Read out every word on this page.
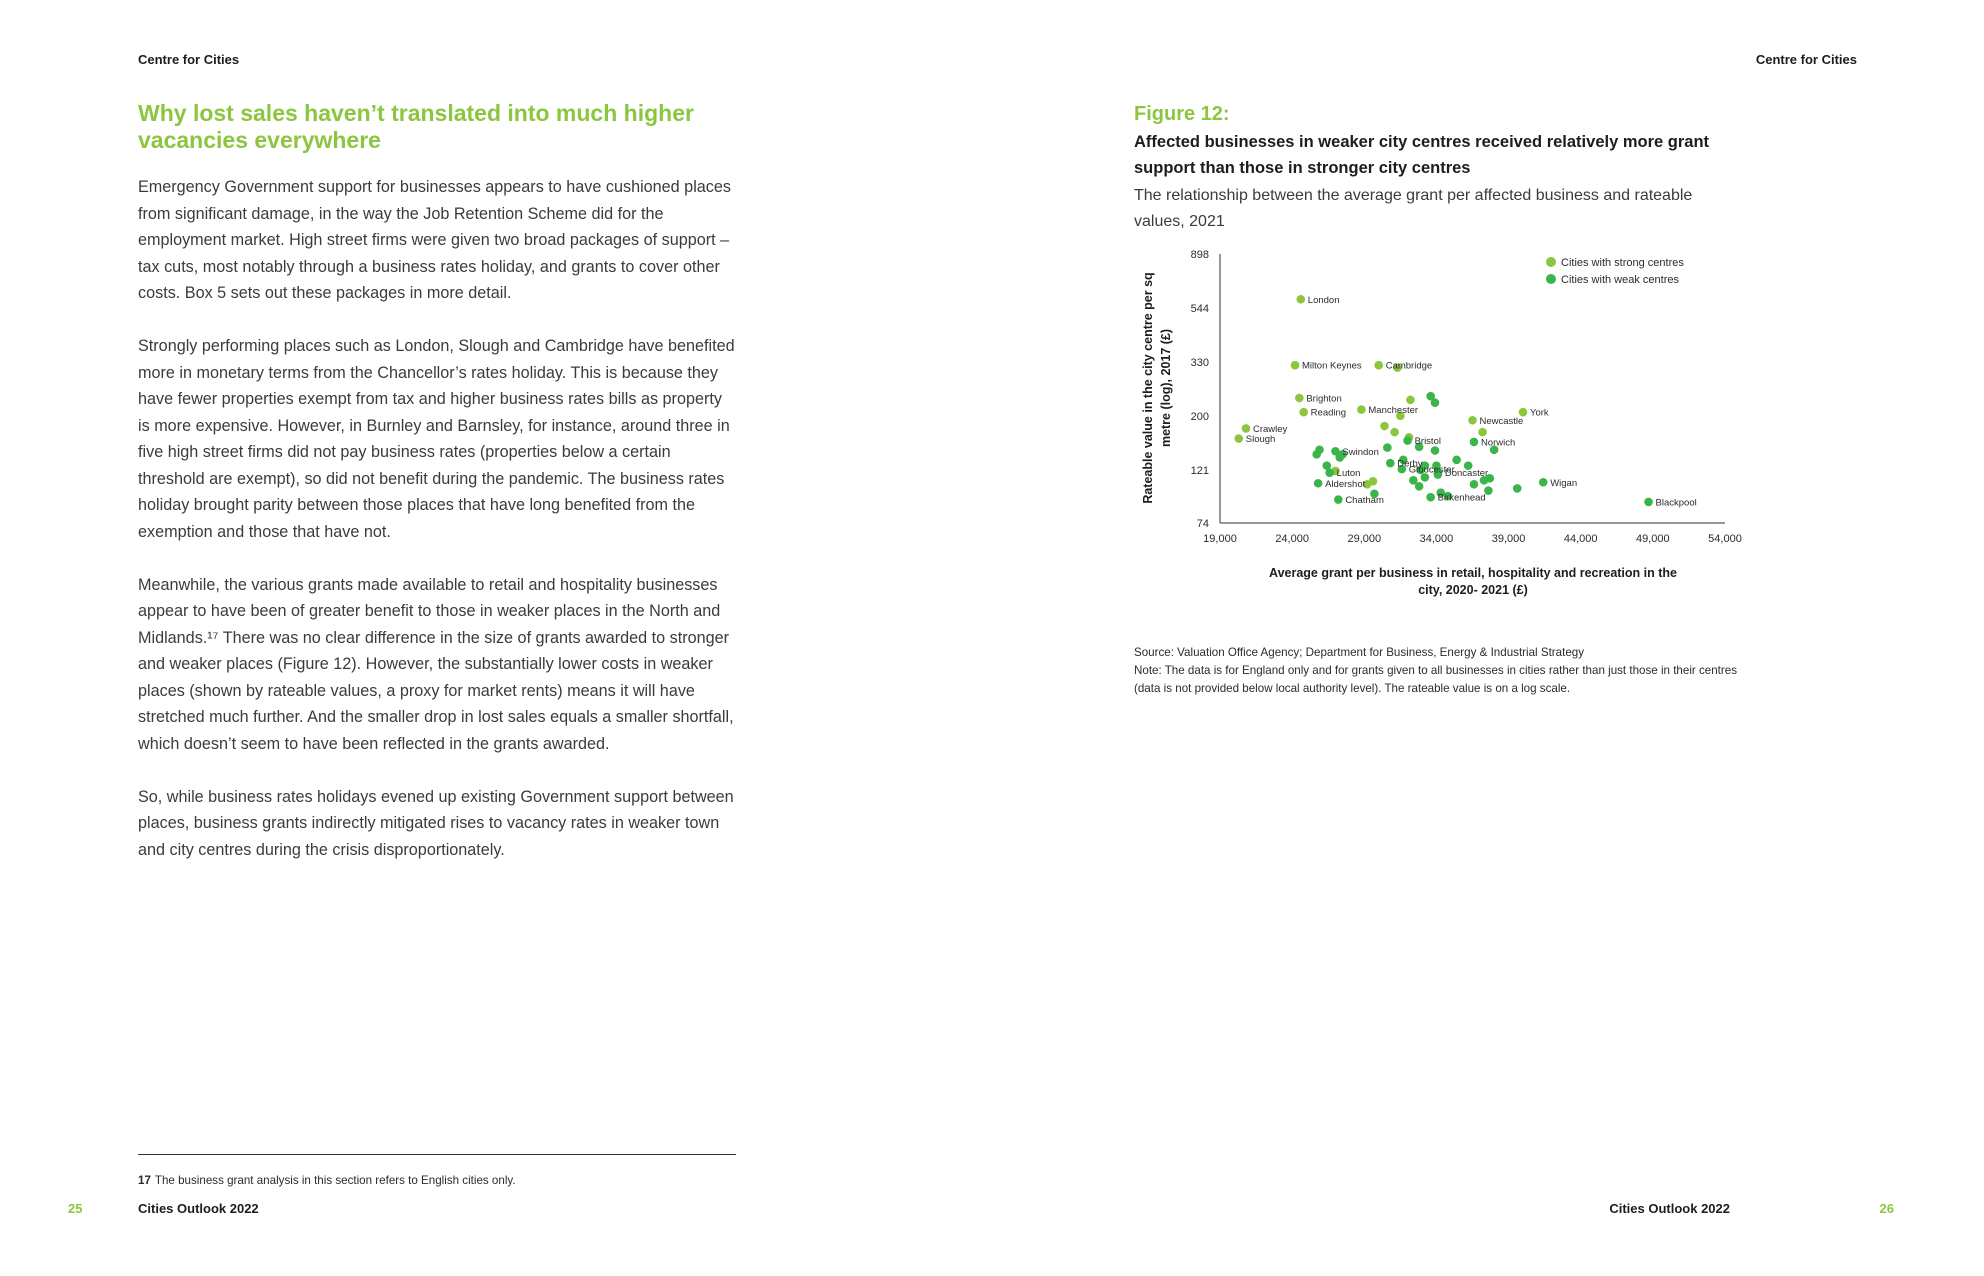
Centre for Cities
Why lost sales haven’t translated into much higher vacancies everywhere

Emergency Government support for businesses appears to have cushioned places from significant damage, in the way the Job Retention Scheme did for the employment market. High street firms were given two broad packages of support – tax cuts, most notably through a business rates holiday, and grants to cover other costs. Box 5 sets out these packages in more detail.

Strongly performing places such as London, Slough and Cambridge have benefited more in monetary terms from the Chancellor’s rates holiday. This is because they have fewer properties exempt from tax and higher business rates bills as property is more expensive. However, in Burnley and Barnsley, for instance, around three in five high street firms did not pay business rates (properties below a certain threshold are exempt), so did not benefit during the pandemic. The business rates holiday brought parity between those places that have long benefited from the exemption and those that have not.

Meanwhile, the various grants made available to retail and hospitality businesses appear to have been of greater benefit to those in weaker places in the North and Midlands.¹⁷ There was no clear difference in the size of grants awarded to stronger and weaker places (Figure 12). However, the substantially lower costs in weaker places (shown by rateable values, a proxy for market rents) means it will have stretched much further. And the smaller drop in lost sales equals a smaller shortfall, which doesn’t seem to have been reflected in the grants awarded.

So, while business rates holidays evened up existing Government support between places, business grants indirectly mitigated rises to vacancy rates in weaker town and city centres during the crisis disproportionately.

17 The business grant analysis in this section refers to English cities only.
25	Cities Outlook 2022
Centre for Cities
Figure 12:
Affected businesses in weaker city centres received relatively more grant support than those in stronger city centres
The relationship between the average grant per affected business and rateable values, 2021
898
544
330
200
121
74
19,000	24,000	29,000	34,000	39,000	44,000	49,000	54,000
London
Milton Keynes	Cambridge
Brighton
Reading
Crawley
Slough
Manchester
Newcastle
York
Luton
Aldershot
Chatham	Birkenhead
Bristol
Swindon
Derby
Gloucester
Doncaster
Norwich
Wigan
Blackpool
Cities with strong centres
Cities with weak centres
Rateable value in the city centre per sq metre (log), 2017 (£)
Average grant per business in retail, hospitality and recreation in the
city, 2020- 2021 (£)
Source: Valuation Office Agency; Department for Business, Energy & Industrial Strategy
Note: The data is for England only and for grants given to all businesses in cities rather than just those in their centres (data is not provided below local authority level). The rateable value is on a log scale.
Cities Outlook 2022	26
